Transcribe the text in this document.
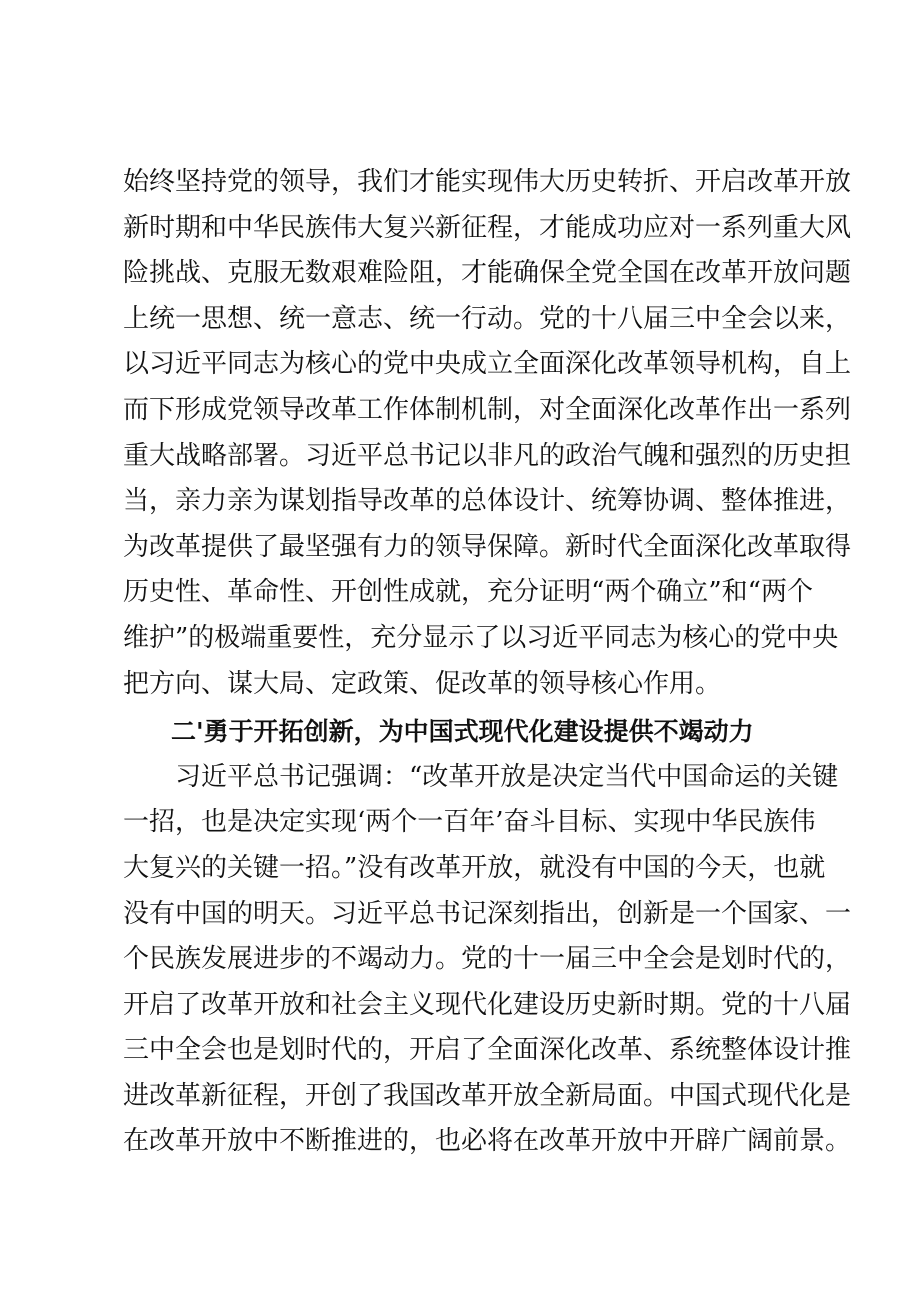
始终坚持党的领导，我们才能实现伟大历史转折、开启改革开放
新时期和中华民族伟大复兴新征程，才能成功应对一系列重大风
险挑战、克服无数艰难险阻，才能确保全党全国在改革开放问题
上统一思想、统一意志、统一行动。党的十八届三中全会以来，
以习近平同志为核心的党中央成立全面深化改革领导机构，自上
而下形成党领导改革工作体制机制，对全面深化改革作出一系列
重大战略部署。习近平总书记以非凡的政治气魄和强烈的历史担
当，亲力亲为谋划指导改革的总体设计、统筹协调、整体推进，
为改革提供了最坚强有力的领导保障。新时代全面深化改革取得
历史性、革命性、开创性成就，充分证明“两个确立”和“两个
维护”的极端重要性，充分显示了以习近平同志为核心的党中央
把方向、谋大局、定政策、促改革的领导核心作用。
二'勇于开拓创新，为中国式现代化建设提供不竭动力
习近平总书记强调：“改革开放是决定当代中国命运的关键
一招，也是决定实现‘两个一百年’奋斗目标、实现中华民族伟
大复兴的关键一招。”没有改革开放，就没有中国的今天，也就
没有中国的明天。习近平总书记深刻指出，创新是一个国家、一
个民族发展进步的不竭动力。党的十一届三中全会是划时代的，
开启了改革开放和社会主义现代化建设历史新时期。党的十八届
三中全会也是划时代的，开启了全面深化改革、系统整体设计推
进改革新征程，开创了我国改革开放全新局面。中国式现代化是
在改革开放中不断推进的，也必将在改革开放中开辟广阔前景。
